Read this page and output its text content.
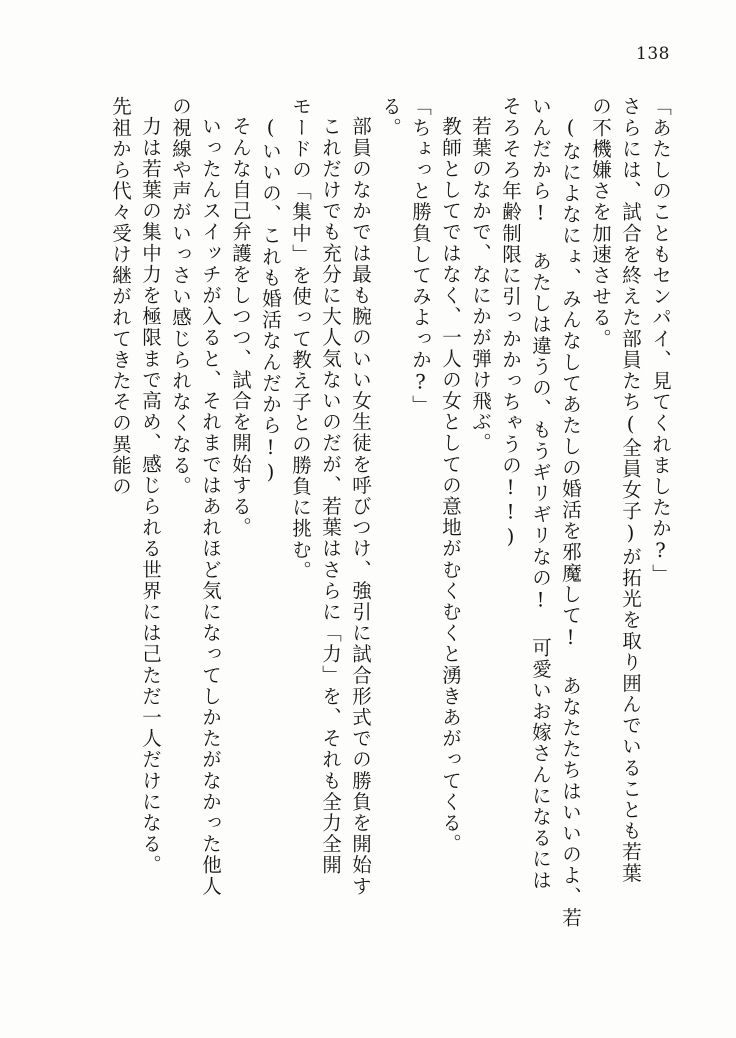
138
「あたしのこともセンパイ、見てくれましたか?」
さらには、試合を終えた部員たち(全員女子)が拓光を取り囲んでいることも若葉
の不機嫌さを加速させる。
(なによなにょ、みんなしてあたしの婚活を邪魔して! あなたたちはいいのよ、若
いんだから! あたしは違うの、もうギリギリなの! 可愛いお嫁さんになるには
そろそろ年齢制限に引っかかっちゃうの!!)
若葉のなかで、なにかが弾け飛ぶ。
教師としてではなく、一人の女としての意地がむくむくと湧きあがってくる。
「ちょっと勝負してみよっか?」
る。
部員のなかでは最も腕のいい女生徒を呼びつけ、強引に試合形式での勝負を開始す
これだけでも充分に大人気ないのだが、若葉はさらに「力」を、それも全力全開
モードの「集中」を使って教え子との勝負に挑む。
(いいの、これも婚活なんだから!)
そんな自己弁護をしつつ、試合を開始する。
いったんスイッチが入ると、それまではあれほど気になってしかたがなかった他人
の視線や声がいっさい感じられなくなる。
力は若葉の集中力を極限まで高め、感じられる世界には己ただ一人だけになる。
先祖から代々受け継がれてきたその異能の
